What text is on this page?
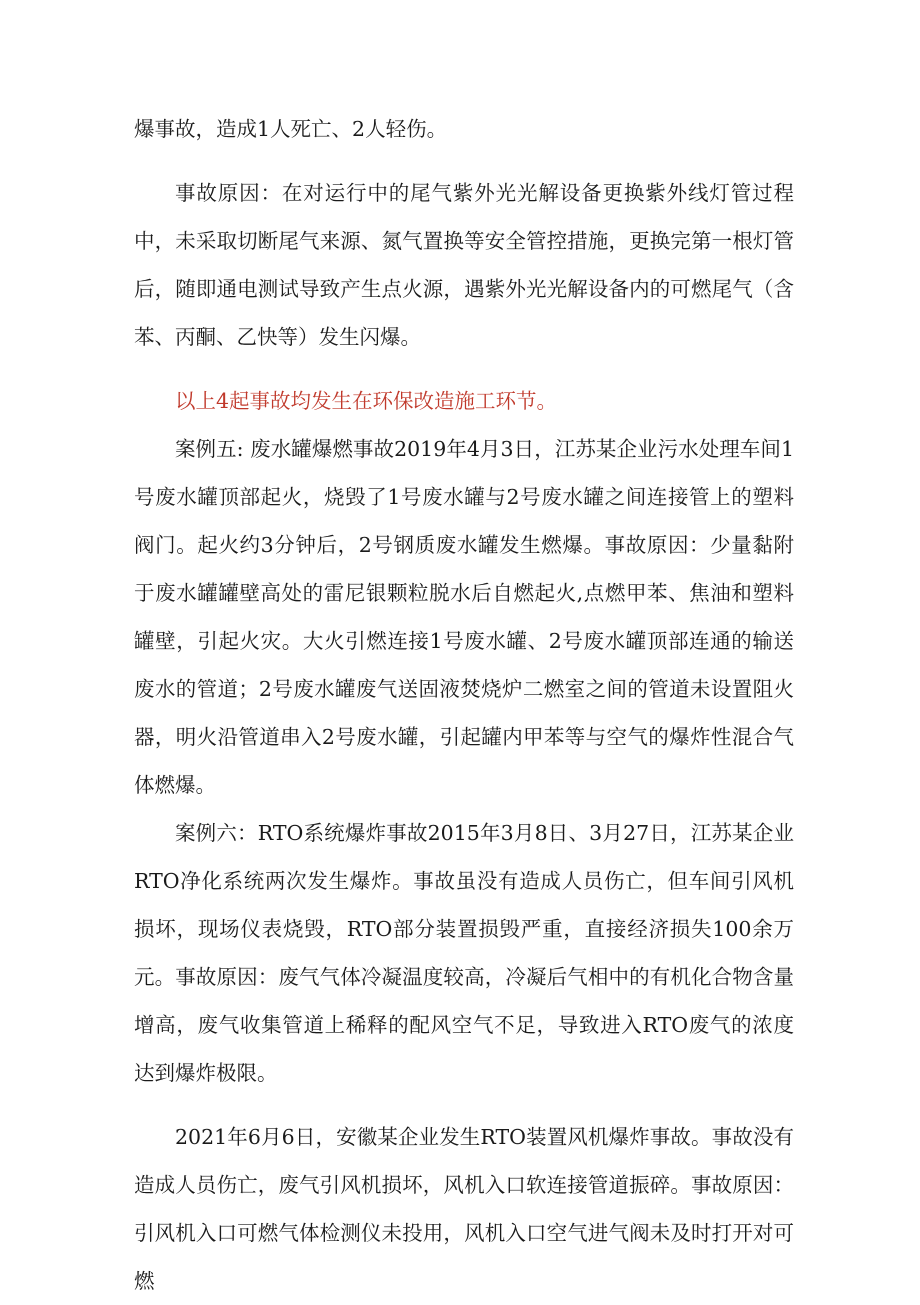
爆事故，造成1人死亡、2人轻伤。

事故原因：在对运行中的尾气紫外光光解设备更换紫外线灯管过程中，未采取切断尾气来源、氮气置换等安全管控措施，更换完第一根灯管后，随即通电测试导致产生点火源，遇紫外光光解设备内的可燃尾气（含苯、丙酮、乙快等）发生闪爆。

以上4起事故均发生在环保改造施工环节。

案例五: 废水罐爆燃事故2019年4月3日，江苏某企业污水处理车间1号废水罐顶部起火，烧毁了1号废水罐与2号废水罐之间连接管上的塑料阀门。起火约3分钟后，2号钢质废水罐发生燃爆。事故原因：少量黏附于废水罐罐壁高处的雷尼银颗粒脱水后自燃起火,点燃甲苯、焦油和塑料罐壁，引起火灾。大火引燃连接1号废水罐、2号废水罐顶部连通的输送废水的管道；2号废水罐废气送固液焚烧炉二燃室之间的管道未设置阻火器，明火沿管道串入2号废水罐，引起罐内甲苯等与空气的爆炸性混合气体燃爆。

案例六：RTO系统爆炸事故2015年3月8日、3月27日，江苏某企业RTO净化系统两次发生爆炸。事故虽没有造成人员伤亡，但车间引风机损坏，现场仪表烧毁，RTO部分装置损毁严重，直接经济损失100余万元。事故原因：废气气体冷凝温度较高，冷凝后气相中的有机化合物含量增高，废气收集管道上稀释的配风空气不足，导致进入RTO废气的浓度达到爆炸极限。

2021年6月6日，安徽某企业发生RTO装置风机爆炸事故。事故没有造成人员伤亡，废气引风机损坏，风机入口软连接管道振碎。事故原因：引风机入口可燃气体检测仪未投用，风机入口空气进气阀未及时打开对可燃
